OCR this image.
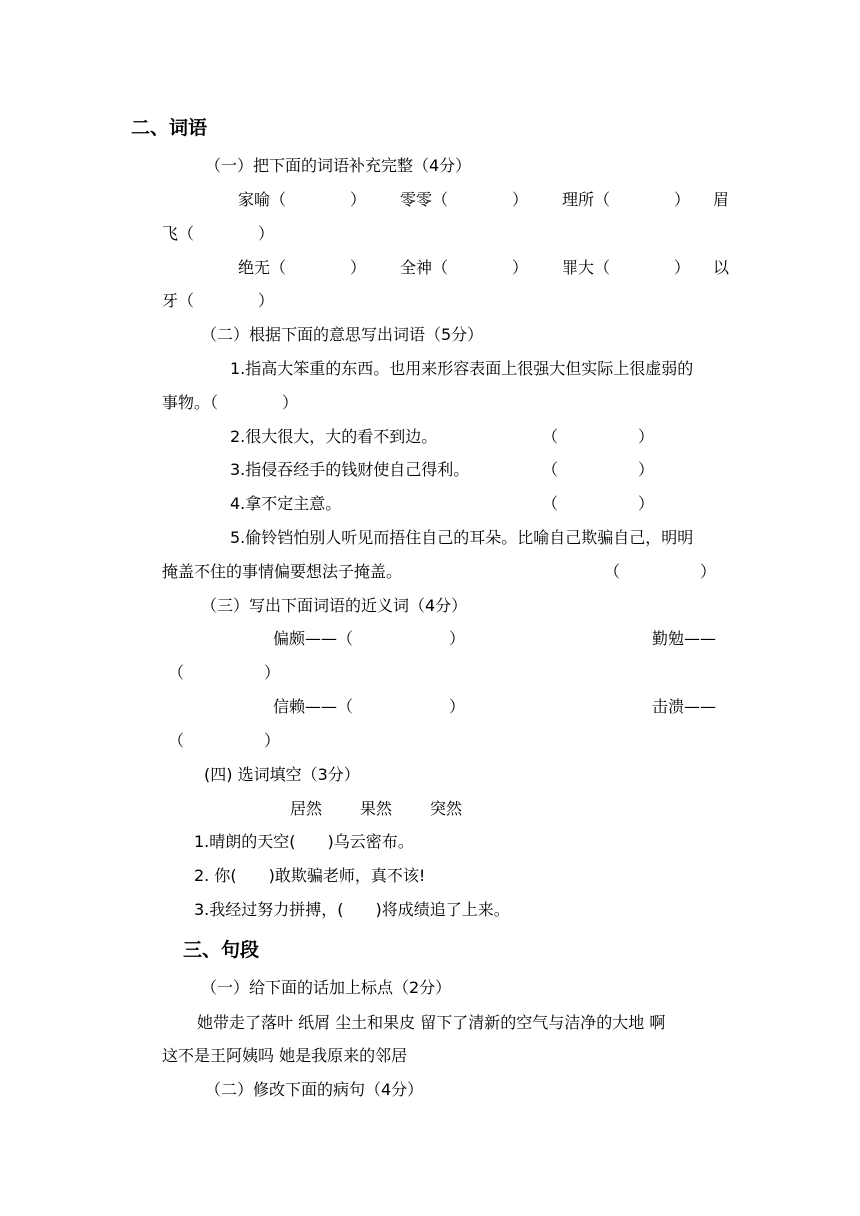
二、词语
（一）把下面的词语补充完整（4分）
家喻（　　　　） 零零（　　　　） 理所（　　　　） 眉
飞（　　　　）
绝无（　　　　） 全神（　　　　） 罪大（　　　　） 以
牙（　　　　）
（二）根据下面的意思写出词语（5分）
1.指高大笨重的东西。也用来形容表面上很强大但实际上很虚弱的
事物。（　　　　）
2.很大很大，大的看不到边。	（　　　　　）
3.指侵吞经手的钱财使自己得利。	（　　　　　）
4.拿不定主意。	（　　　　　）
5.偷铃铛怕别人听见而捂住自己的耳朵。比喻自己欺骗自己，明明
掩盖不住的事情偏要想法子掩盖。	（　　　　　）
（三）写出下面词语的近义词（4分）
偏颇——（　　　　　　）	勤勉——
（　　　　　）
信赖——（　　　　　　）	击溃——
（　　　　　）
(四) 选词填空（3分）
居然 果然 突然
1.晴朗的天空(　　)乌云密布。
2. 你(　　)敢欺骗老师，真不该!
3.我经过努力拼搏，(　　)将成绩追了上来。
三、句段
（一）给下面的话加上标点（2分）
她带走了落叶 纸屑 尘土和果皮 留下了清新的空气与洁净的大地 啊
这不是王阿姨吗 她是我原来的邻居
（二）修改下面的病句（4分）
